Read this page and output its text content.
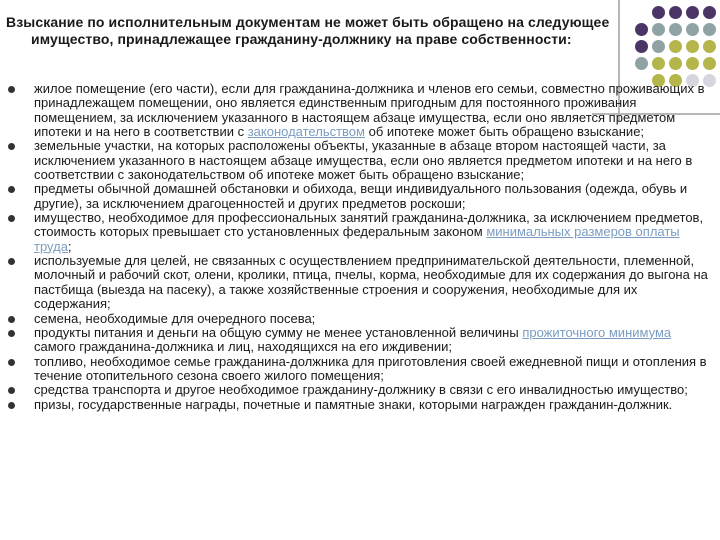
Взыскание по исполнительным документам не может быть обращено на следующее
имущество, принадлежащее гражданину-должнику на праве собственности:
жилое помещение (его части), если для гражданина-должника и членов его семьи, совместно проживающих в принадлежащем помещении, оно является единственным пригодным для постоянного проживания помещением, за исключением указанного в настоящем абзаце имущества, если оно является предметом ипотеки и на него в соответствии с законодательством об ипотеке может быть обращено взыскание;
земельные участки, на которых расположены объекты, указанные в абзаце втором настоящей части, за исключением указанного в настоящем абзаце имущества, если оно является предметом ипотеки и на него в соответствии с законодательством об ипотеке может быть обращено взыскание;
предметы обычной домашней обстановки и обихода, вещи индивидуального пользования (одежда, обувь и другие), за исключением драгоценностей и других предметов роскоши;
имущество, необходимое для профессиональных занятий гражданина-должника, за исключением предметов, стоимость которых превышает сто установленных федеральным законом минимальных размеров оплаты труда;
используемые для целей, не связанных с осуществлением предпринимательской деятельности, племенной, молочный и рабочий скот, олени, кролики, птица, пчелы, корма, необходимые для их содержания до выгона на пастбища (выезда на пасеку), а также хозяйственные строения и сооружения, необходимые для их содержания;
семена, необходимые для очередного посева;
продукты питания и деньги на общую сумму не менее установленной величины прожиточного минимума самого гражданина-должника и лиц, находящихся на его иждивении;
топливо, необходимое семье гражданина-должника для приготовления своей ежедневной пищи и отопления в течение отопительного сезона своего жилого помещения;
средства транспорта и другое необходимое гражданину-должнику в связи с его инвалидностью имущество;
призы, государственные награды, почетные и памятные знаки, которыми награжден гражданин-должник.
